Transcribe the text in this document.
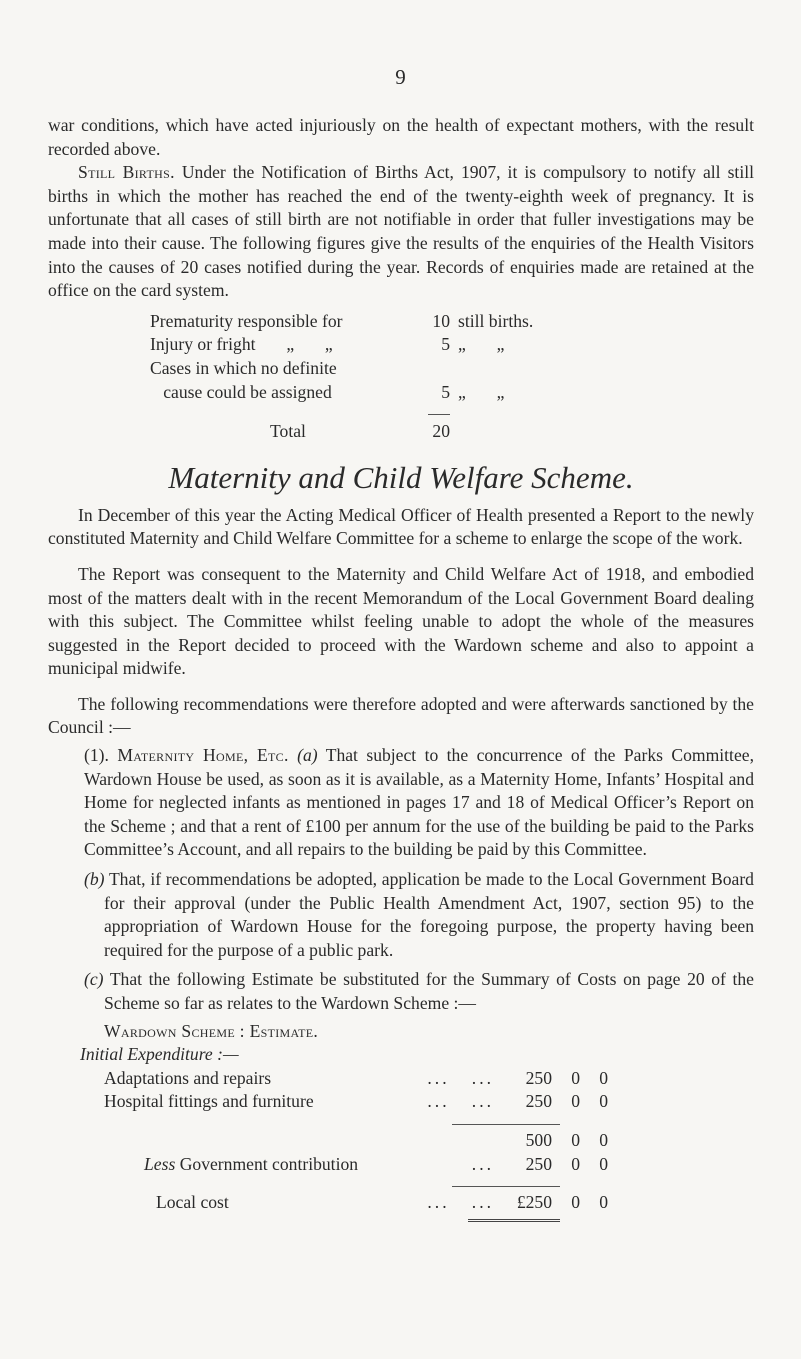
9

war conditions, which have acted injuriously on the health of expectant mothers, with the result recorded above.

Still Births. Under the Notification of Births Act, 1907, it is compulsory to notify all still births in which the mother has reached the end of the twenty-eighth week of pregnancy. It is unfortunate that all cases of still birth are not notifiable in order that fuller investigations may be made into their cause. The following figures give the results of the enquiries of the Health Visitors into the causes of 20 cases notified during the year. Records of enquiries made are retained at the office on the card system.

Prematurity responsible for	10 still births.
Injury or fright       „       „	5 „       „
Cases in which no definite
cause could be assigned	5 „       „
Total	20
Maternity and Child Welfare Scheme.

In December of this year the Acting Medical Officer of Health presented a Report to the newly constituted Maternity and Child Welfare Committee for a scheme to enlarge the scope of the work.

The Report was consequent to the Maternity and Child Welfare Act of 1918, and embodied most of the matters dealt with in the recent Memorandum of the Local Government Board dealing with this subject. The Committee whilst feeling unable to adopt the whole of the measures suggested in the Report decided to proceed with the Wardown scheme and also to appoint a municipal midwife.

The following recommendations were therefore adopted and were afterwards sanctioned by the Council :—

(1). Maternity Home, Etc. (a) That subject to the concurrence of the Parks Committee, Wardown House be used, as soon as it is available, as a Maternity Home, Infants’ Hospital and Home for neglected infants as mentioned in pages 17 and 18 of Medical Officer’s Report on the Scheme ; and that a rent of £100 per annum for the use of the building be paid to the Parks Committee’s Account, and all repairs to the building be paid by this Committee.

(b) That, if recommendations be adopted, application be made to the Local Government Board for their approval (under the Public Health Amendment Act, 1907, section 95) to the appropriation of Wardown House for the foregoing purpose, the property having been required for the purpose of a public park.

(c) That the following Estimate be substituted for the Summary of Costs on page 20 of the Scheme so far as relates to the Wardown Scheme :—

Wardown Scheme : Estimate.
Initial Expenditure :—
Adaptations and repairs	...   ...	250	0	0
Hospital fittings and furniture	...   ...	250	0	0
500	0	0
Less Government contribution	...	250	0	0
Local cost	...   ...	£250	0	0
